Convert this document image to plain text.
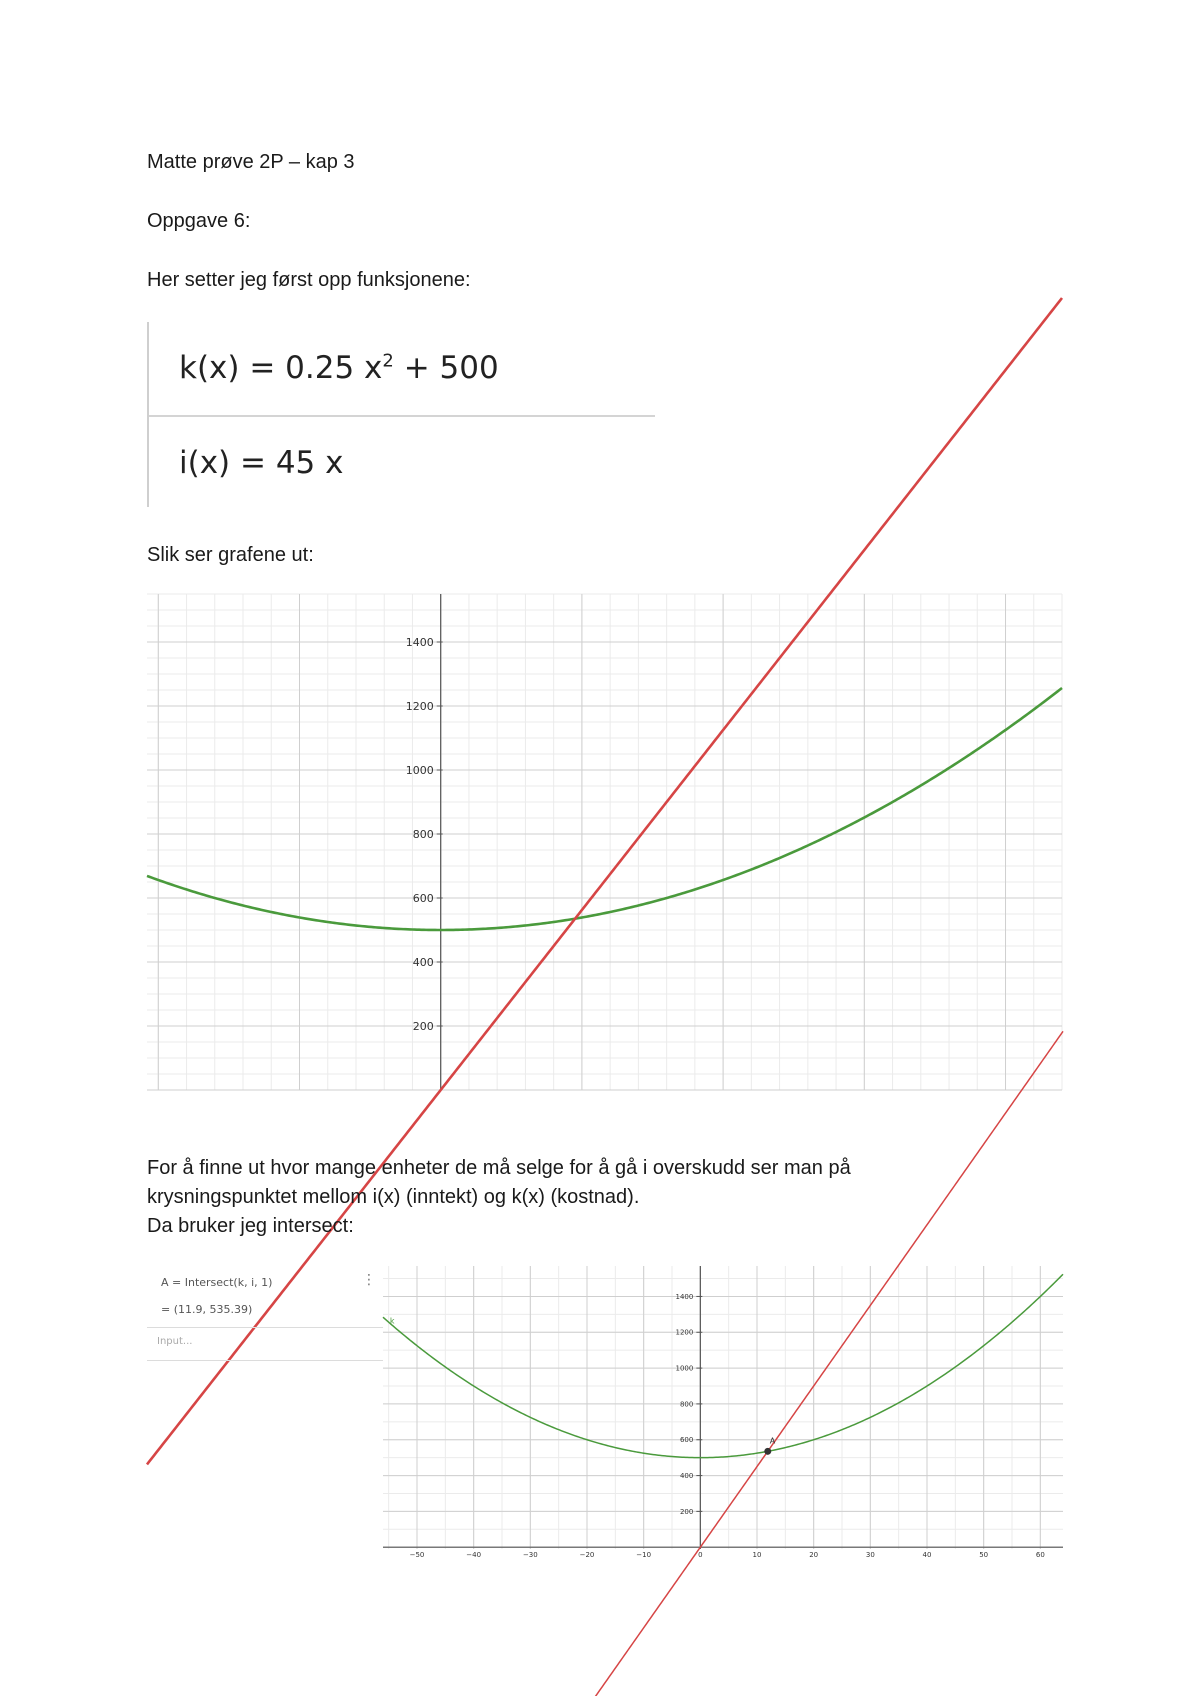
Matte prøve 2P – kap 3
Oppgave 6:
Her setter jeg først opp funksjonene:
k(x) = 0.25 $x^2 + 500$
i(x) = 45 x
Slik ser grafene ut:
200
400
600
800
1000
1200
1400
For å finne ut hvor mange enheter de må selge for å gå i overskudd ser man på
krysningspunktet mellom i(x) (inntekt) og k(x) (kostnad).
Da bruker jeg intersect:
A = Intersect(k, i, 1)	⋮
= (11.9, 535.39)
Input...
200
400
600
800
1000
1200
1400
−50	−40	−30	−20	−10	0	10	20	30	40	50	60
k
A
